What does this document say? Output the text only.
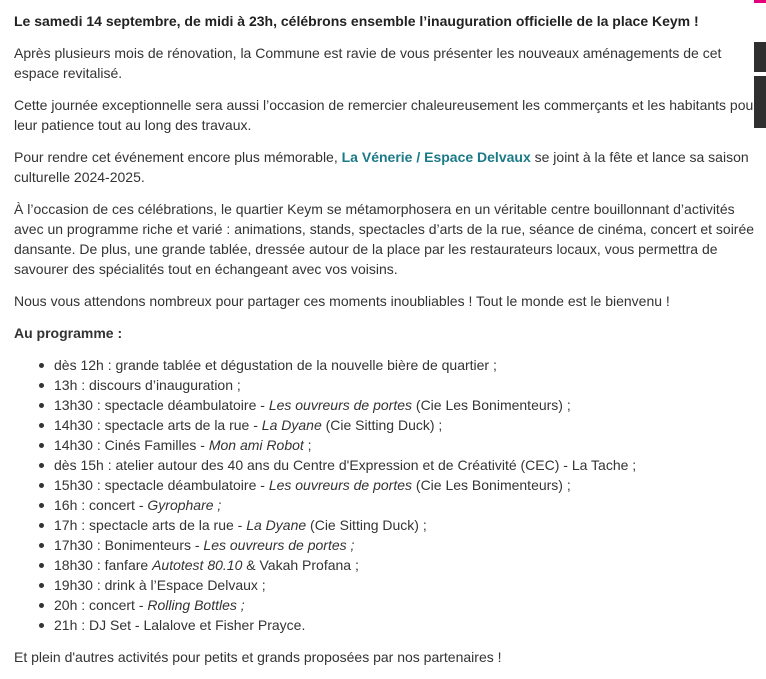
Le samedi 14 septembre, de midi à 23h, célébrons ensemble l’inauguration officielle de la place Keym !

Après plusieurs mois de rénovation, la Commune est ravie de vous présenter les nouveaux aménagements de cet espace revitalisé.

Cette journée exceptionnelle sera aussi l’occasion de remercier chaleureusement les commerçants et les habitants pou leur patience tout au long des travaux.

Pour rendre cet événement encore plus mémorable, La Vénerie / Espace Delvaux se joint à la fête et lance sa saison culturelle 2024-2025.

À l’occasion de ces célébrations, le quartier Keym se métamorphosera en un véritable centre bouillonnant d’activités avec un programme riche et varié : animations, stands, spectacles d’arts de la rue, séance de cinéma, concert et soirée dansante. De plus, une grande tablée, dressée autour de la place par les restaurateurs locaux, vous permettra de savourer des spécialités tout en échangeant avec vos voisins.

Nous vous attendons nombreux pour partager ces moments inoubliables ! Tout le monde est le bienvenu !

Au programme :

dès 12h : grande tablée et dégustation de la nouvelle bière de quartier ;
13h : discours d’inauguration ;
13h30 : spectacle déambulatoire - Les ouvreurs de portes (Cie Les Bonimenteurs) ;
14h30 : spectacle arts de la rue - La Dyane (Cie Sitting Duck) ;
14h30 : Cinés Familles - Mon ami Robot ;
dès 15h : atelier autour des 40 ans du Centre d'Expression et de Créativité (CEC) - La Tache ;
15h30 : spectacle déambulatoire - Les ouvreurs de portes (Cie Les Bonimenteurs) ;
16h : concert - Gyrophare ;
17h : spectacle arts de la rue - La Dyane (Cie Sitting Duck) ;
17h30 : Bonimenteurs - Les ouvreurs de portes ;
18h30 : fanfare Autotest 80.10 & Vakah Profana ;
19h30 : drink à l’Espace Delvaux ;
20h : concert - Rolling Bottles ;
21h : DJ Set - Lalalove et Fisher Prayce.

Et plein d'autres activités pour petits et grands proposées par nos partenaires !
